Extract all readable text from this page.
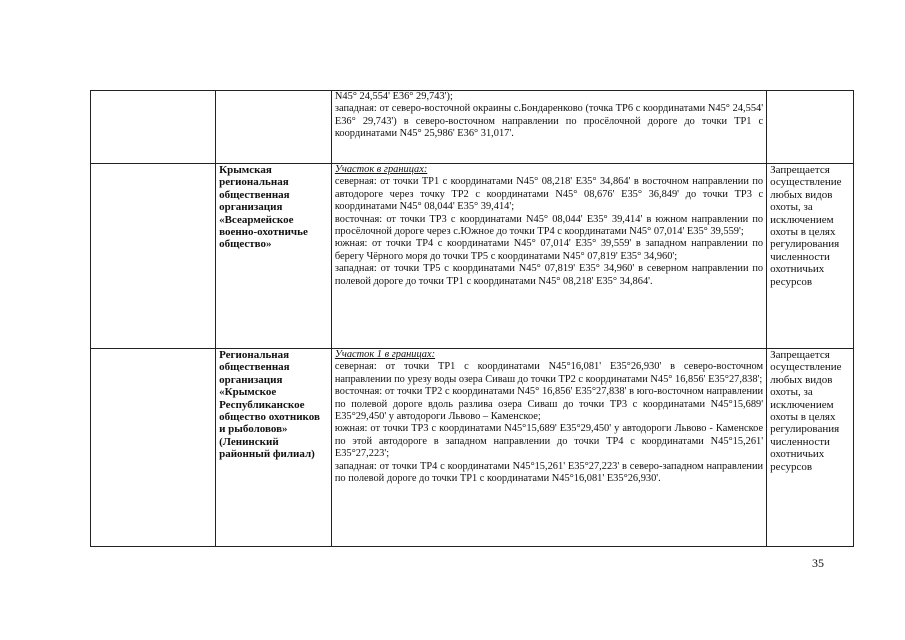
		N45° 24,554' E36° 29,743');

западная: от северо-восточной окраины с.Бондаренково (точка ТР6 с координатами N45° 24,554' E36° 29,743') в северо-восточном направлении по просёлочной дороге до точки ТР1 с координатами N45° 25,986' E36° 31,017'.	

	Крымская региональная общественная организация «Всеармейское военно-охотничье общество»	Участок в границах:

северная: от точки ТР1 с координатами N45° 08,218' E35° 34,864' в восточном направлении по автодороге через точку ТР2 с координатами N45° 08,676' E35° 36,849' до точки ТР3 с координатами N45° 08,044' E35° 39,414';

восточная: от точки ТР3 с координатами N45° 08,044' E35° 39,414' в южном направлении по просёлочной дороге через с.Южное до точки ТР4 с координатами N45° 07,014' E35° 39,559';

южная: от точки ТР4 с координатами N45° 07,014' E35° 39,559' в западном направлении по берегу Чёрного моря до точки ТР5 с координатами N45° 07,819' E35° 34,960';

западная: от точки ТР5 с координатами N45° 07,819' E35° 34,960' в северном направлении по полевой дороге до точки ТР1 с координатами N45° 08,218' E35° 34,864'.	Запрещается осуществление любых видов охоты, за исключением охоты в целях регулирования численности охотничьих ресурсов
	Региональная общественная организация «Крымское Республиканское общество охотников и рыболовов» (Ленинский районный филиал)	Участок 1 в границах:

северная: от точки ТР1 с координатами N45°16,081' E35°26,930' в северо-восточном направлении по урезу воды озера Сиваш до точки ТР2 с координатами N45° 16,856' E35°27,838';

восточная: от точки ТР2 с координатами N45° 16,856' E35°27,838' в юго-восточном направлении по полевой дороге вдоль разлива озера Сиваш до точки ТР3 с координатами N45°15,689' E35°29,450' у автодороги Львово – Каменское;

южная: от точки ТР3 с координатами N45°15,689' E35°29,450' у автодороги Львово - Каменское по этой автодороге в западном направлении до точки ТР4 с координатами N45°15,261' E35°27,223';

западная: от точки ТР4 с координатами N45°15,261' E35°27,223' в северо-западном направлении по полевой дороге до точки ТР1 с координатами N45°16,081' E35°26,930'.	Запрещается осуществление любых видов охоты, за исключением охоты в целях регулирования численности охотничьих ресурсов
35
